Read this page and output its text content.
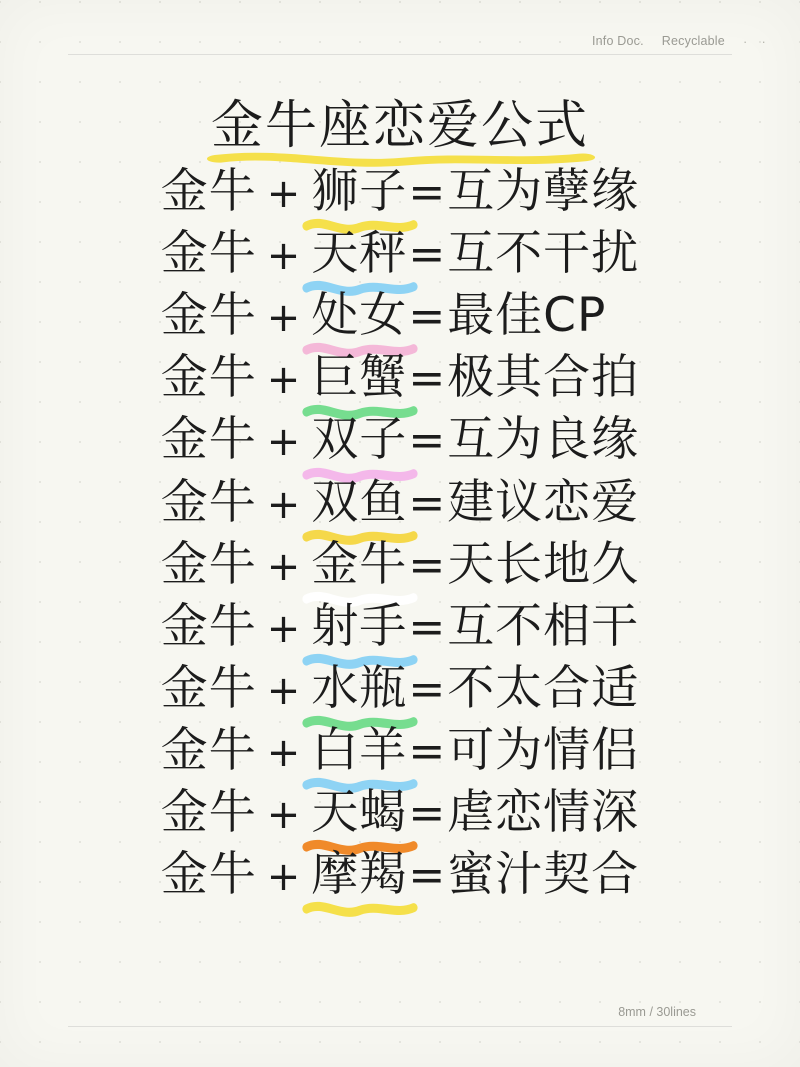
Info Doc. Recyclable · ·
金牛座恋爱公式
金牛 + 狮子 = 互为孽缘
金牛 + 天秤 = 互不干扰
金牛 + 处女 = 最佳CP
金牛 + 巨蟹 = 极其合拍
金牛 + 双子 = 互为良缘
金牛 + 双鱼 = 建议恋爱
金牛 + 金牛 = 天长地久
金牛 + 射手 = 互不相干
金牛 + 水瓶 = 不太合适
金牛 + 白羊 = 可为情侣
金牛 + 天蝎 = 虐恋情深
金牛 + 摩羯 = 蜜汁契合
8mm / 30lines
